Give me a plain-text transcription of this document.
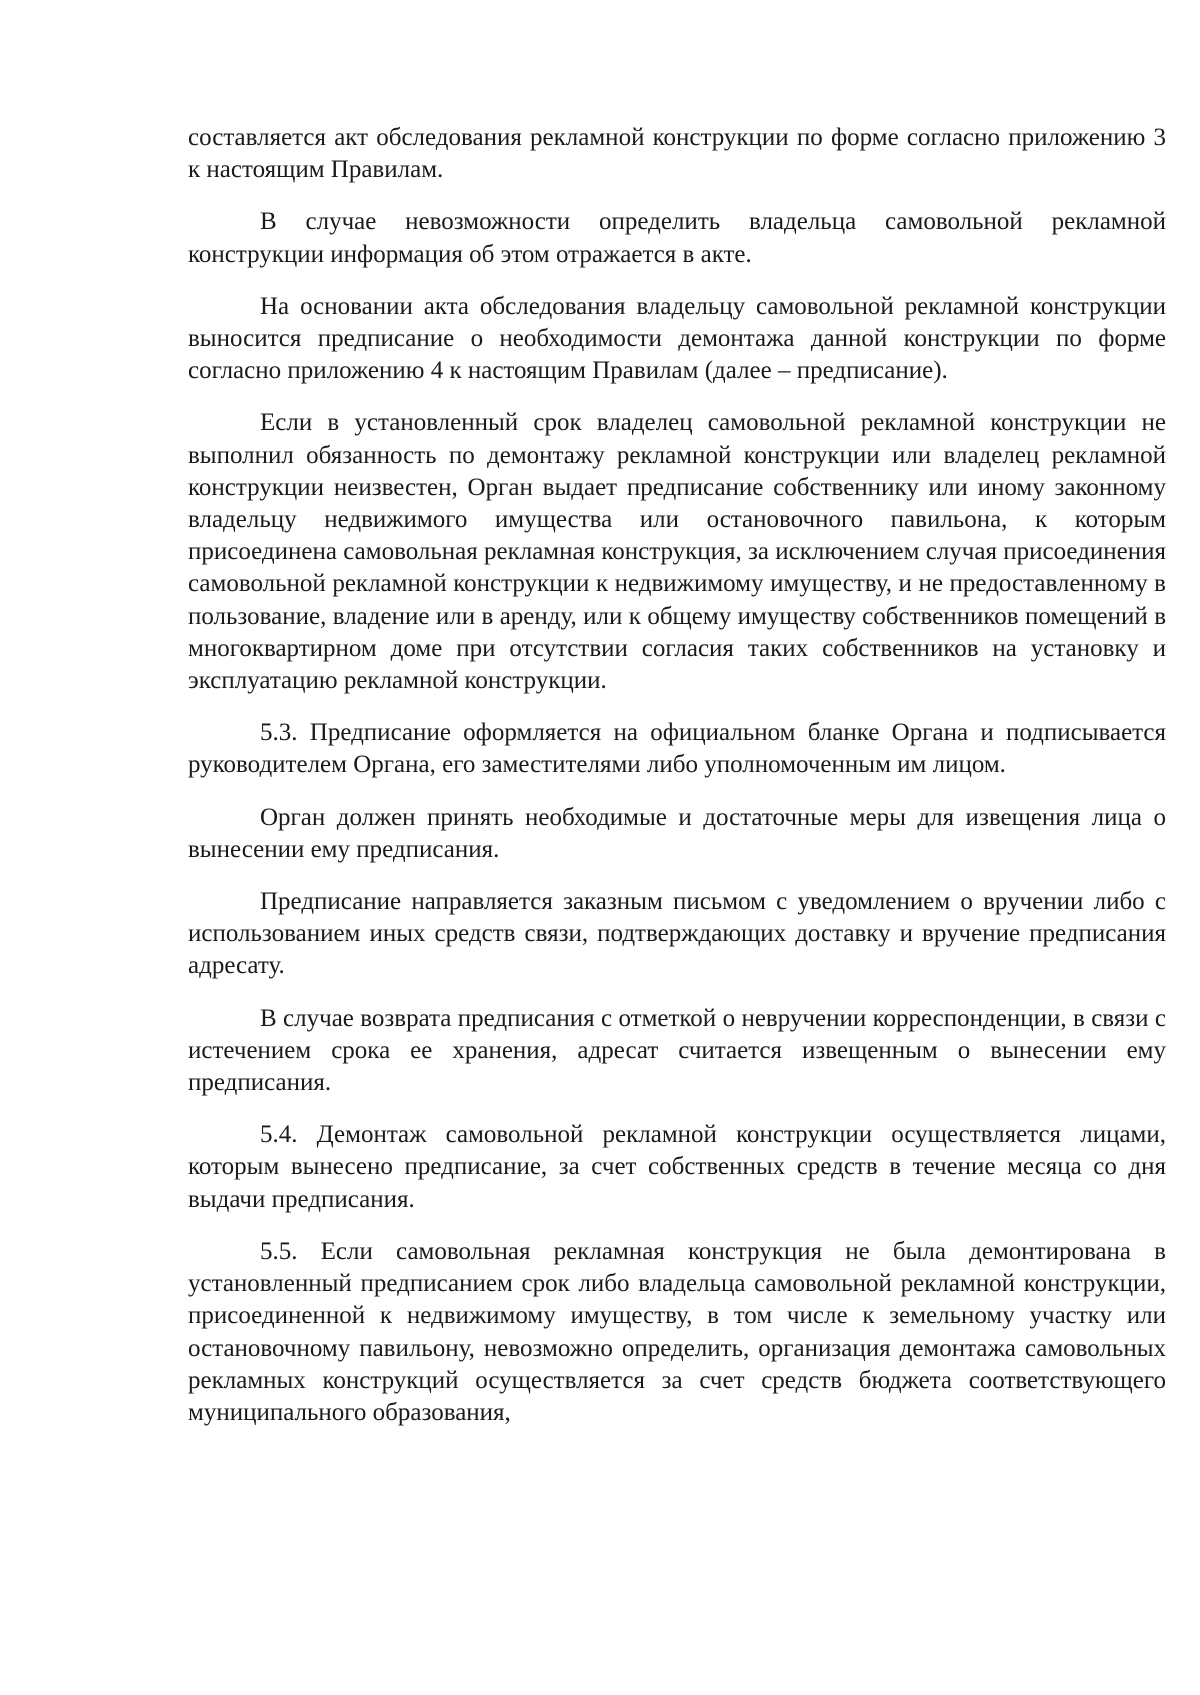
составляется акт обследования рекламной конструкции по форме согласно приложению 3 к настоящим Правилам.

В случае невозможности определить владельца самовольной рекламной конструкции информация об этом отражается в акте.

На основании акта обследования владельцу самовольной рекламной конструкции выносится предписание о необходимости демонтажа данной конструкции по форме согласно приложению 4 к настоящим Правилам (далее – предписание).

Если в установленный срок владелец самовольной рекламной конструкции не выполнил обязанность по демонтажу рекламной конструкции или владелец рекламной конструкции неизвестен, Орган выдает предписание собственнику или иному законному владельцу недвижимого имущества или остановочного павильона, к которым присоединена самовольная рекламная конструкция, за исключением случая присоединения самовольной рекламной конструкции к недвижимому имуществу, и не предоставленному в пользование, владение или в аренду, или к общему имуществу собственников помещений в многоквартирном доме при отсутствии согласия таких собственников на установку и эксплуатацию рекламной конструкции.

5.3. Предписание оформляется на официальном бланке Органа и подписывается руководителем Органа, его заместителями либо уполномоченным им лицом.

Орган должен принять необходимые и достаточные меры для извещения лица о вынесении ему предписания.

Предписание направляется заказным письмом с уведомлением о вручении либо с использованием иных средств связи, подтверждающих доставку и вручение предписания адресату.

В случае возврата предписания с отметкой о невручении корреспонденции, в связи с истечением срока ее хранения, адресат считается извещенным о вынесении ему предписания.

5.4. Демонтаж самовольной рекламной конструкции осуществляется лицами, которым вынесено предписание, за счет собственных средств в течение месяца со дня выдачи предписания.

5.5. Если самовольная рекламная конструкция не была демонтирована в установленный предписанием срок либо владельца самовольной рекламной конструкции, присоединенной к недвижимому имуществу, в том числе к земельному участку или остановочному павильону, невозможно определить, организация демонтажа самовольных рекламных конструкций осуществляется за счет средств бюджета соответствующего муниципального образования,
